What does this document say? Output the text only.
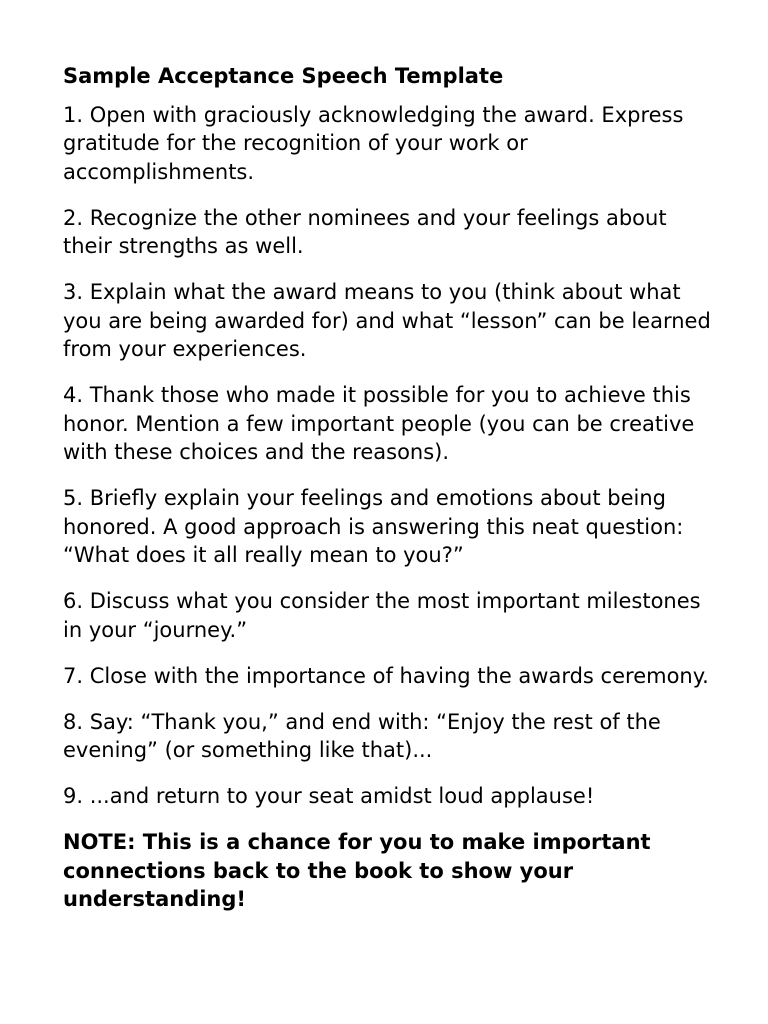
Sample Acceptance Speech Template

1. Open with graciously acknowledging the award. Express gratitude for the recognition of your work or accomplishments.

2. Recognize the other nominees and your feelings about their strengths as well.

3. Explain what the award means to you (think about what you are being awarded for) and what “lesson” can be learned from your experiences.

4. Thank those who made it possible for you to achieve this honor. Mention a few important people (you can be creative with these choices and the reasons).

5. Briefly explain your feelings and emotions about being honored. A good approach is answering this neat question: “What does it all really mean to you?”

6. Discuss what you consider the most important milestones in your “journey.”

7. Close with the importance of having the awards ceremony.

8. Say: “Thank you,” and end with: “Enjoy the rest of the evening” (or something like that)...

9. ...and return to your seat amidst loud applause!

NOTE: This is a chance for you to make important connections back to the book to show your understanding!
